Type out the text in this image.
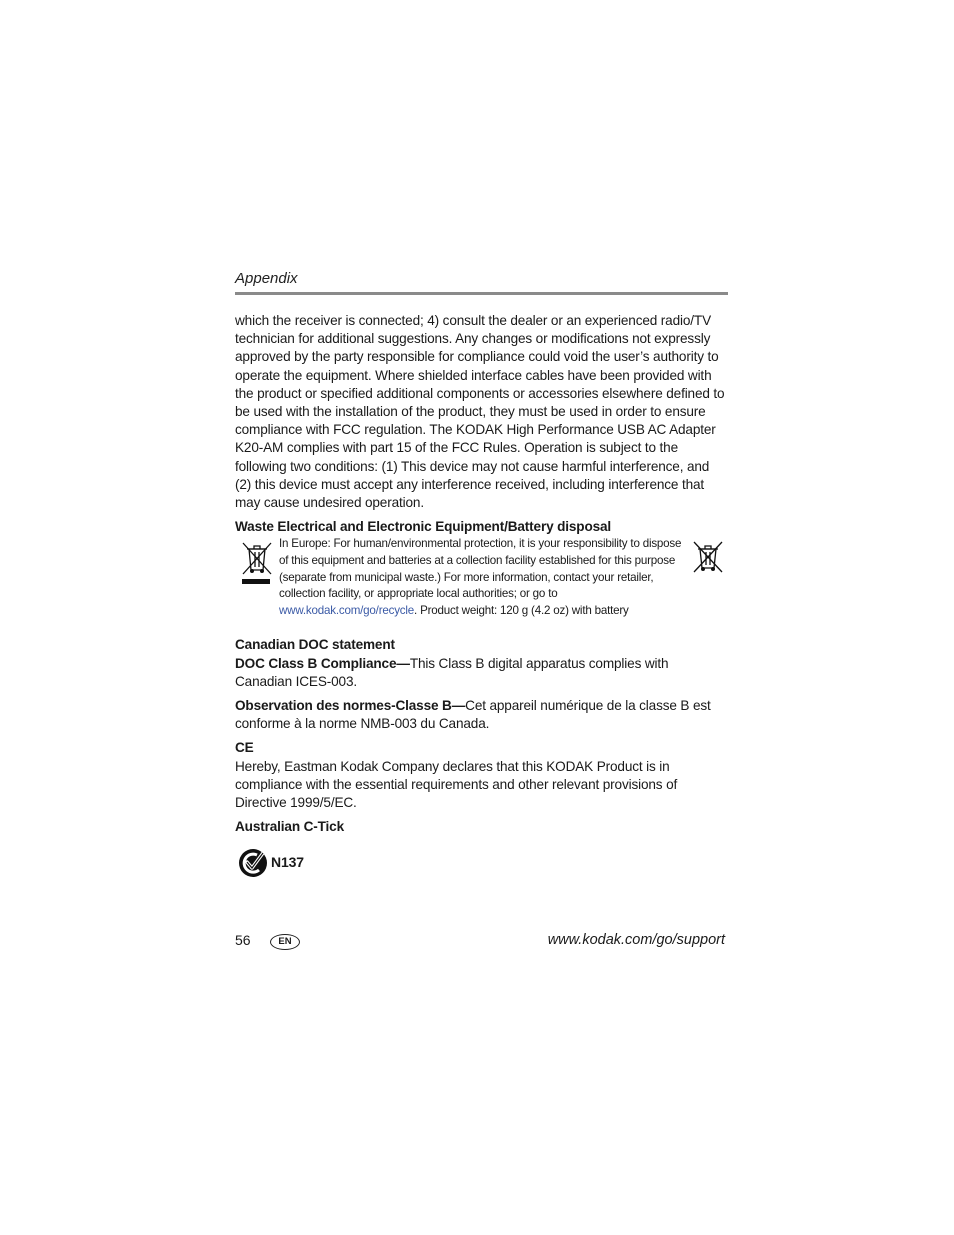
Appendix

which the receiver is connected; 4) consult the dealer or an experienced radio/TV technician for additional suggestions. Any changes or modifications not expressly approved by the party responsible for compliance could void the user’s authority to operate the equipment. Where shielded interface cables have been provided with the product or specified additional components or accessories elsewhere defined to be used with the installation of the product, they must be used in order to ensure compliance with FCC regulation. The KODAK High Performance USB AC Adapter K20-AM complies with part 15 of the FCC Rules. Operation is subject to the following two conditions: (1) This device may not cause harmful interference, and (2) this device must accept any interference received, including interference that may cause undesired operation.

Waste Electrical and Electronic Equipment/Battery disposal

In Europe: For human/environmental protection, it is your responsibility to dispose of this equipment and batteries at a collection facility established for this purpose (separate from municipal waste.) For more information, contact your retailer, collection facility, or appropriate local authorities; or go to www.kodak.com/go/recycle. Product weight: 120 g (4.2 oz) with battery

Canadian DOC statement

DOC Class B Compliance—This Class B digital apparatus complies with Canadian ICES-003.

Observation des normes-Classe B—Cet appareil numérique de la classe B est conforme à la norme NMB-003 du Canada.

CE

Hereby, Eastman Kodak Company declares that this KODAK Product is in compliance with the essential requirements and other relevant provisions of Directive 1999/5/EC.

Australian C-Tick

N137
56	EN	www.kodak.com/go/support
